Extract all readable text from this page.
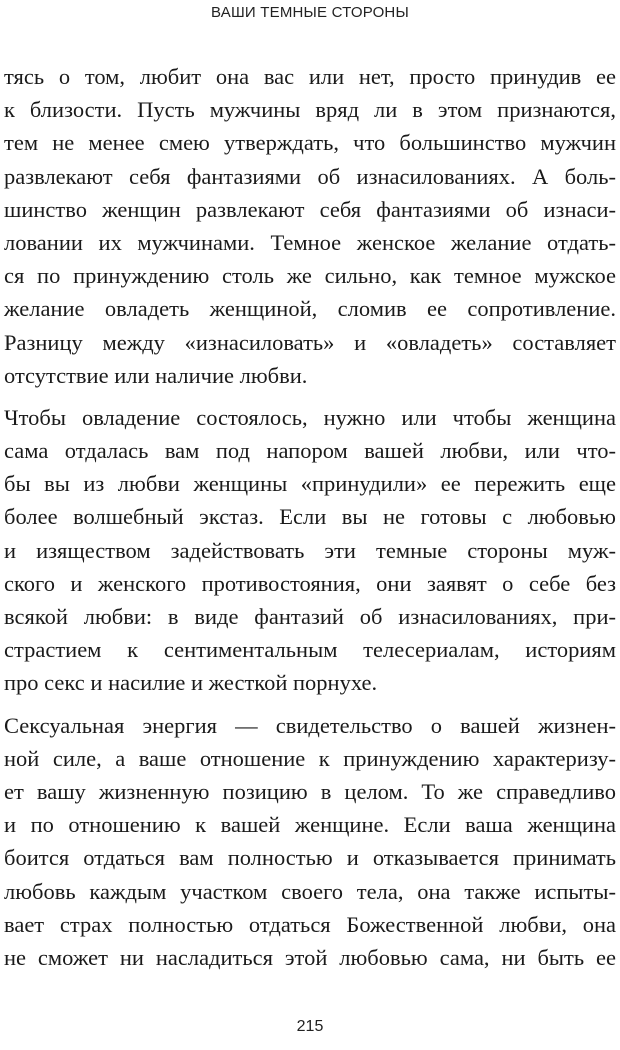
ВАШИ ТЕМНЫЕ СТОРОНЫ

тясь о том, любит она вас или нет, просто принудив ее
к близости. Пусть мужчины вряд ли в этом признаются,
тем не менее смею утверждать, что большинство мужчин
развлекают себя фантазиями об изнасилованиях. А боль-
шинство женщин развлекают себя фантазиями об изнаси-
ловании их мужчинами. Темное женское желание отдать-
ся по принуждению столь же сильно, как темное мужское
желание овладеть женщиной, сломив ее сопротивление.
Разницу между «изнасиловать» и «овладеть» составляет
отсутствие или наличие любви.

Чтобы овладение состоялось, нужно или чтобы женщина
сама отдалась вам под напором вашей любви, или что-
бы вы из любви женщины «принудили» ее пережить еще
более волшебный экстаз. Если вы не готовы с любовью
и изяществом задействовать эти темные стороны муж-
ского и женского противостояния, они заявят о себе без
всякой любви: в виде фантазий об изнасилованиях, при-
страстием к сентиментальным телесериалам, историям
про секс и насилие и жесткой порнухе.

Сексуальная энергия — свидетельство о вашей жизнен-
ной силе, а ваше отношение к принуждению характеризу-
ет вашу жизненную позицию в целом. То же справедливо
и по отношению к вашей женщине. Если ваша женщина
боится отдаться вам полностью и отказывается принимать
любовь каждым участком своего тела, она также испыты-
вает страх полностью отдаться Божественной любви, она
не сможет ни насладиться этой любовью сама, ни быть ее

215
